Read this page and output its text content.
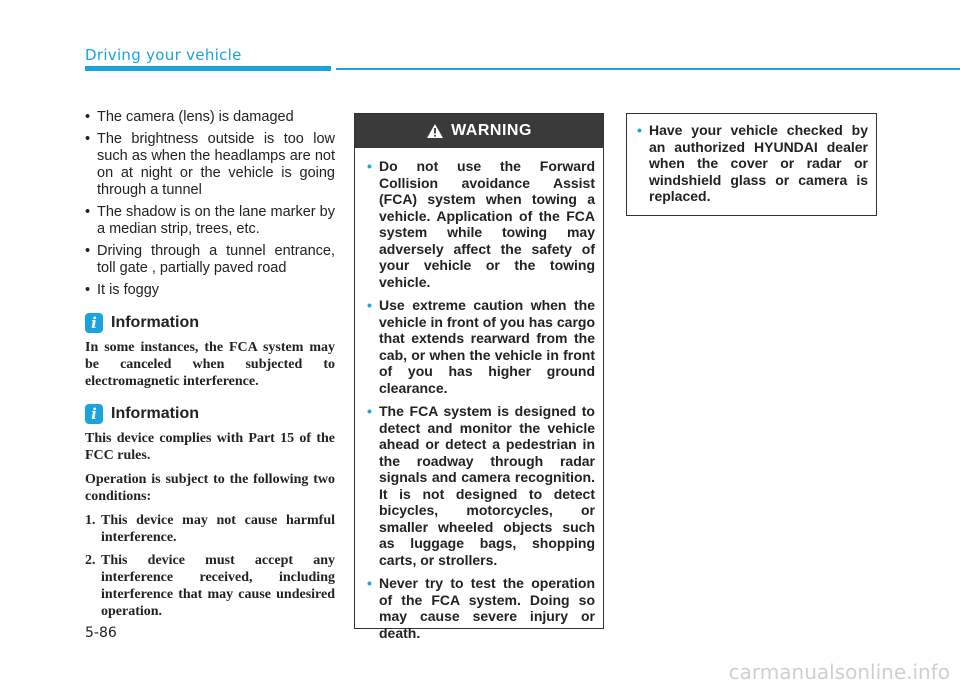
Driving your vehicle
• The camera (lens) is damaged
• The brightness outside is too low such as when the headlamps are not on at night or the vehicle is going through a tunnel
• The shadow is on the lane marker by a median strip, trees, etc.
• Driving through a tunnel entrance, toll gate , partially paved road
• It is foggy
i Information

In some instances, the FCA system may be canceled when subjected to electromagnetic interference.

i Information

This device complies with Part 15 of the FCC rules.

Operation is subject to the following two conditions:

1. This device may not cause harmful interference.
2. This device must accept any interference received, including interference that may cause undesired operation.
WARNING
• Do not use the Forward Collision avoidance Assist (FCA) system when towing a vehicle. Application of the FCA system while towing may adversely affect the safety of your vehicle or the towing vehicle.
• Use extreme caution when the vehicle in front of you has cargo that extends rearward from the cab, or when the vehicle in front of you has higher ground clearance.
• The FCA system is designed to detect and monitor the vehicle ahead or detect a pedestrian in the roadway through radar signals and camera recognition. It is not designed to detect bicycles, motorcycles, or smaller wheeled objects such as luggage bags, shopping carts, or strollers.
• Never try to test the operation of the FCA system. Doing so may cause severe injury or death.
• Have your vehicle checked by an authorized HYUNDAI dealer when the cover or radar or windshield glass or camera is replaced.
5-86
carmanualsonline.info
